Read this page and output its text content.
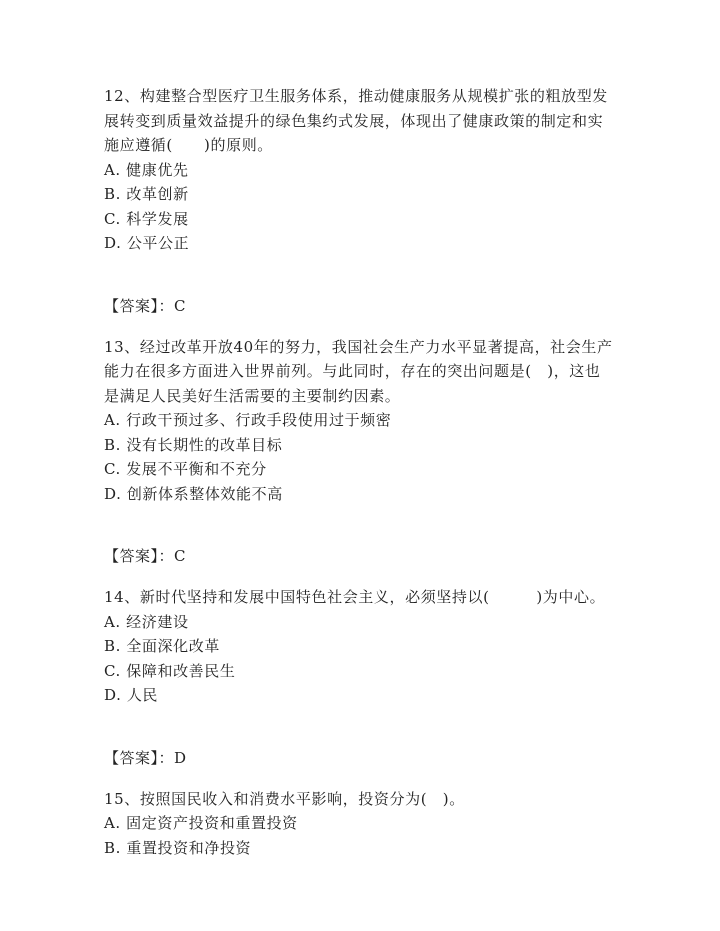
12、构建整合型医疗卫生服务体系，推动健康服务从规模扩张的粗放型发展转变到质量效益提升的绿色集约式发展，体现出了健康政策的制定和实施应遵循(　　)的原则。

A. 健康优先

B. 改革创新

C. 科学发展

D. 公平公正

【答案】：C

13、经过改革开放40年的努力，我国社会生产力水平显著提高，社会生产能力在很多方面进入世界前列。与此同时，存在的突出问题是(　)，这也是满足人民美好生活需要的主要制约因素。

A. 行政干预过多、行政手段使用过于频密

B. 没有长期性的改革目标

C. 发展不平衡和不充分

D. 创新体系整体效能不高

【答案】：C

14、新时代坚持和发展中国特色社会主义，必须坚持以(　　　)为中心。

A. 经济建设

B. 全面深化改革

C. 保障和改善民生

D. 人民

【答案】：D

15、按照国民收入和消费水平影响，投资分为(　)。

A. 固定资产投资和重置投资

B. 重置投资和净投资
